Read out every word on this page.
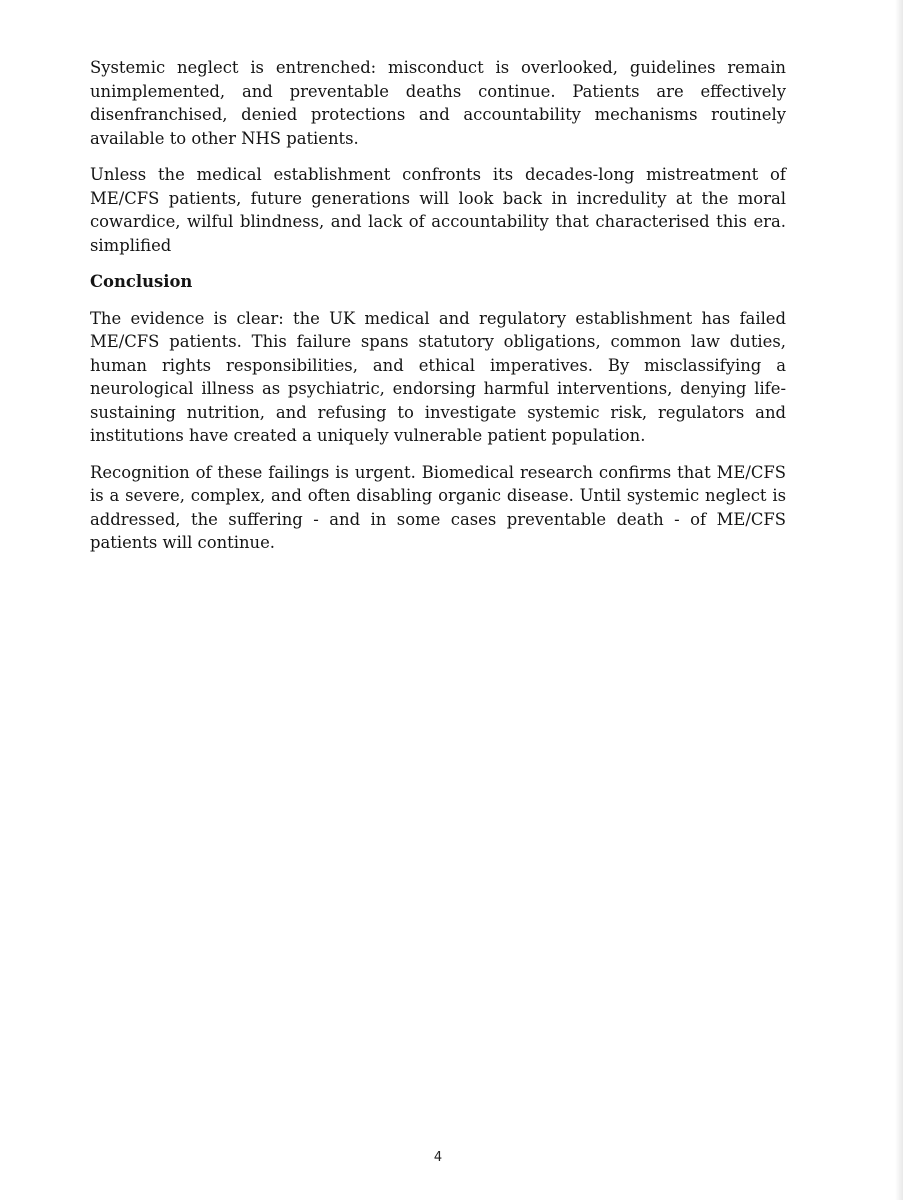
Systemic neglect is entrenched: misconduct is overlooked, guidelines remain unimplemented, and preventable deaths continue. Patients are effectively disenfranchised, denied protections and accountability mechanisms routinely available to other NHS patients.

Unless the medical establishment confronts its decades-long mistreatment of ME/CFS patients, future generations will look back in incredulity at the moral cowardice, wilful blindness, and lack of accountability that characterised this era. simplified

Conclusion

The evidence is clear: the UK medical and regulatory establishment has failed ME/CFS patients. This failure spans statutory obligations, common law duties, human rights responsibilities, and ethical imperatives. By misclassifying a neurological illness as psychiatric, endorsing harmful interventions, denying life-sustaining nutrition, and refusing to investigate systemic risk, regulators and institutions have created a uniquely vulnerable patient population.

Recognition of these failings is urgent. Biomedical research confirms that ME/CFS is a severe, complex, and often disabling organic disease. Until systemic neglect is addressed, the suffering - and in some cases preventable death - of ME/CFS patients will continue.

4
